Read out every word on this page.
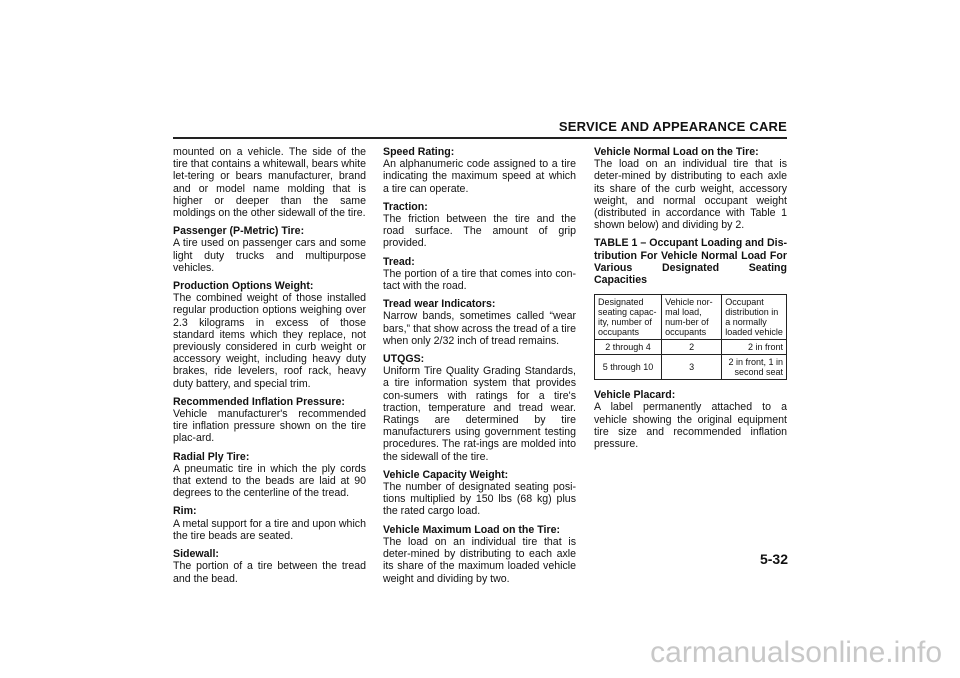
SERVICE AND APPEARANCE CARE

mounted on a vehicle. The side of the tire that contains a whitewall, bears white let-tering or bears manufacturer, brand and or model name molding that is higher or deeper than the same moldings on the other sidewall of the tire.

Passenger (P-Metric) Tire:
A tire used on passenger cars and some light duty trucks and multipurpose vehicles.

Production Options Weight:
The combined weight of those installed regular production options weighing over 2.3 kilograms in excess of those standard items which they replace, not previously considered in curb weight or accessory weight, including heavy duty brakes, ride levelers, roof rack, heavy duty battery, and special trim.

Recommended Inflation Pressure:
Vehicle manufacturer's recommended tire inflation pressure shown on the tire plac-ard.

Radial Ply Tire:
A pneumatic tire in which the ply cords that extend to the beads are laid at 90 degrees to the centerline of the tread.

Rim:
A metal support for a tire and upon which the tire beads are seated.

Sidewall:
The portion of a tire between the tread and the bead.

Speed Rating:
An alphanumeric code assigned to a tire indicating the maximum speed at which a tire can operate.

Traction:
The friction between the tire and the road surface. The amount of grip provided.

Tread:
The portion of a tire that comes into con-tact with the road.

Tread wear Indicators:
Narrow bands, sometimes called “wear bars,” that show across the tread of a tire when only 2/32 inch of tread remains.

UTQGS:
Uniform Tire Quality Grading Standards, a tire information system that provides con-sumers with ratings for a tire's traction, temperature and tread wear. Ratings are determined by tire manufacturers using government testing procedures. The rat-ings are molded into the sidewall of the tire.

Vehicle Capacity Weight:
The number of designated seating posi-tions multiplied by 150 lbs (68 kg) plus the rated cargo load.

Vehicle Maximum Load on the Tire:
The load on an individual tire that is deter-mined by distributing to each axle its share of the maximum loaded vehicle weight and dividing by two.

Vehicle Normal Load on the Tire:
The load on an individual tire that is deter-mined by distributing to each axle its share of the curb weight, accessory weight, and normal occupant weight (distributed in accordance with Table 1 shown below) and dividing by 2.

TABLE 1 – Occupant Loading and Dis-tribution For Vehicle Normal Load For Various Designated Seating Capacities
Designated seating capac-ity, number of occupants	Vehicle nor-mal load, num-ber of occupants	Occupant distribution in a normally loaded vehicle
2 through 4	2	2 in front
5 through 10	3	2 in front, 1 in second seat

Vehicle Placard:
A label permanently attached to a vehicle showing the original equipment tire size and recommended inflation pressure.

5-32
carmanualsonline.info
